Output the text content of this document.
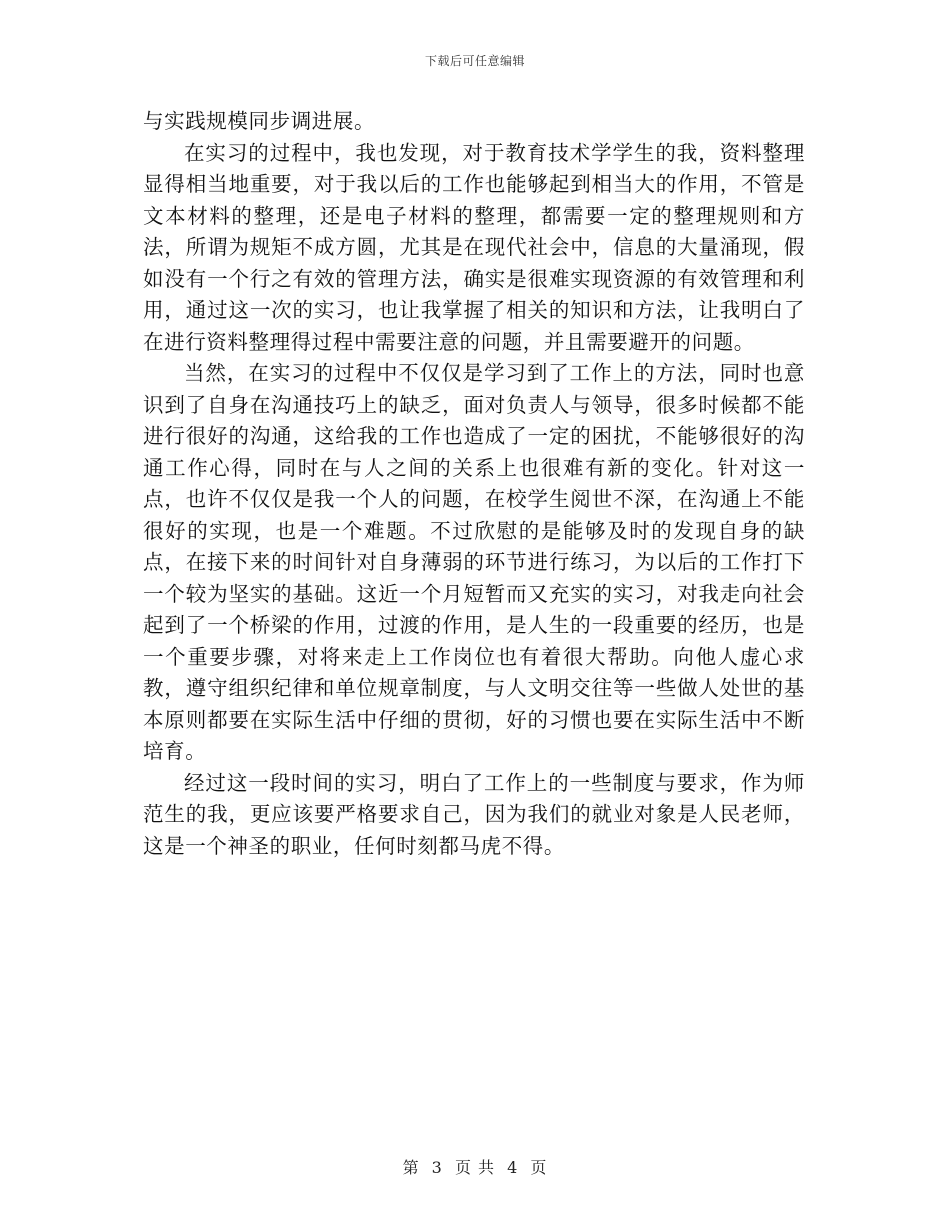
下载后可任意编辑

与实践规模同步调进展。

在实习的过程中，我也发现，对于教育技术学学生的我，资料整理显得相当地重要，对于我以后的工作也能够起到相当大的作用，不管是文本材料的整理，还是电子材料的整理，都需要一定的整理规则和方法，所谓为规矩不成方圆，尤其是在现代社会中，信息的大量涌现，假如没有一个行之有效的管理方法，确实是很难实现资源的有效管理和利用，通过这一次的实习，也让我掌握了相关的知识和方法，让我明白了在进行资料整理得过程中需要注意的问题，并且需要避开的问题。

当然，在实习的过程中不仅仅是学习到了工作上的方法，同时也意识到了自身在沟通技巧上的缺乏，面对负责人与领导，很多时候都不能进行很好的沟通，这给我的工作也造成了一定的困扰，不能够很好的沟通工作心得，同时在与人之间的关系上也很难有新的变化。针对这一点，也许不仅仅是我一个人的问题，在校学生阅世不深，在沟通上不能很好的实现，也是一个难题。不过欣慰的是能够及时的发现自身的缺点，在接下来的时间针对自身薄弱的环节进行练习，为以后的工作打下一个较为坚实的基础。这近一个月短暂而又充实的实习，对我走向社会起到了一个桥梁的作用，过渡的作用，是人生的一段重要的经历，也是一个重要步骤，对将来走上工作岗位也有着很大帮助。向他人虚心求教，遵守组织纪律和单位规章制度，与人文明交往等一些做人处世的基本原则都要在实际生活中仔细的贯彻，好的习惯也要在实际生活中不断培育。

经过这一段时间的实习，明白了工作上的一些制度与要求，作为师范生的我，更应该要严格要求自己，因为我们的就业对象是人民老师，这是一个神圣的职业，任何时刻都马虎不得。

第 3 页 共 4 页
